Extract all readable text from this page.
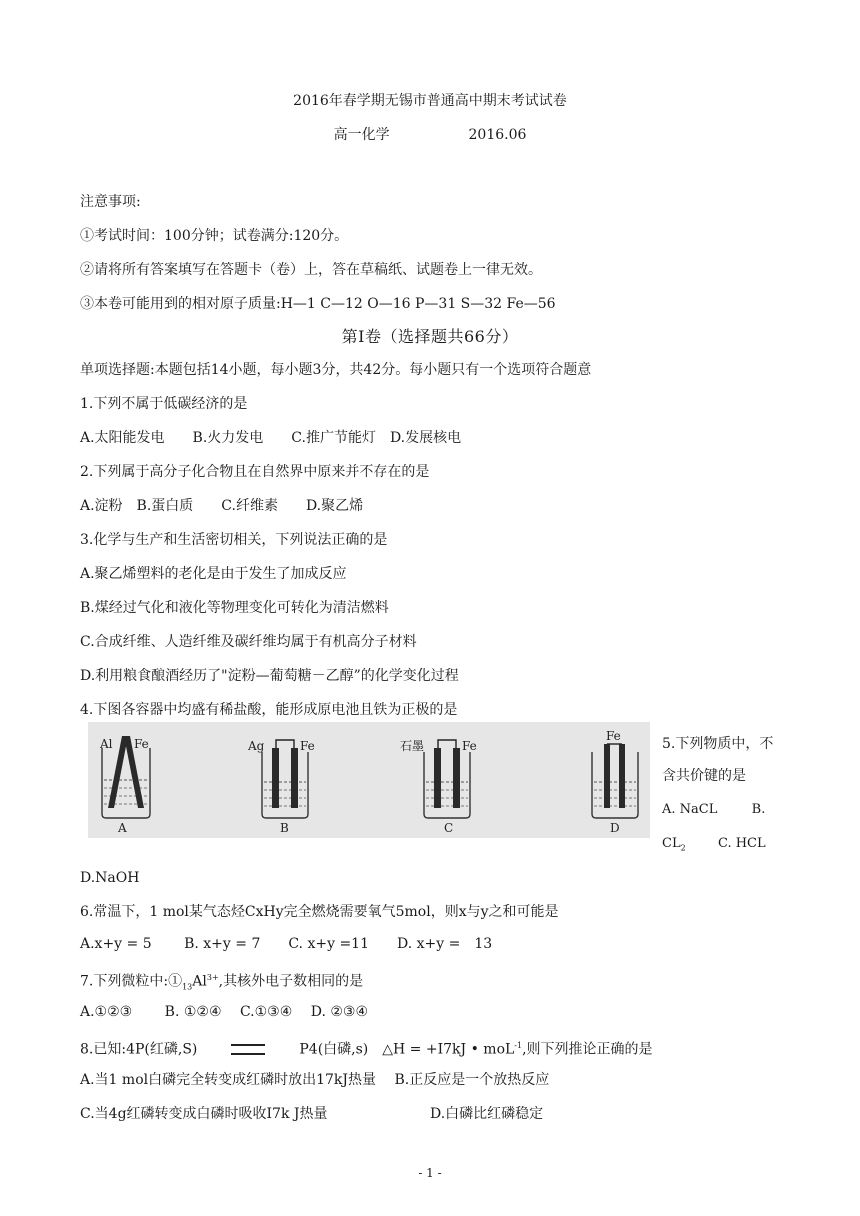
2016年春学期无锡市普通高中期末考试试卷
高一化学	2016.06
注意事项:
①考试时间：100分钟；试卷满分:120分。
②请将所有答案填写在答题卡（卷）上，答在草稿纸、试题卷上一律无效。
③本卷可能用到的相对原子质量:H—1 C—12 O—16 P—31 S—32 Fe—56
第Ⅰ卷（选择题共66分）
单项选择题:本题包括14小题，每小题3分，共42分。每小题只有一个选项符合题意
1.下列不属于低碳经济的是
A.太阳能发电　　B.火力发电　　C.推广节能灯　D.发展核电
2.下列属于高分子化合物且在自然界中原来并不存在的是
A.淀粉　B.蛋白质　　C.纤维素　　D.聚乙烯
3.化学与生产和生活密切相关，下列说法正确的是
A.聚乙烯塑料的老化是由于发生了加成反应
B.煤经过气化和液化等物理变化可转化为清洁燃料
C.合成纤维、人造纤维及碳纤维均属于有机高分子材料
D.利用粮食酿酒经历了"淀粉—葡萄糖－乙醇”的化学变化过程
4.下图各容器中均盛有稀盐酸，能形成原电池且铁为正极的是
Al Fe
A
Ag	Fe
B
石墨	Fe
C
Fe
D
5.下列物质中，不
含共价键的是
A. NaCL	B.
$CL_2$ C. HCL
D.NaOH
6.常温下，1 mol某气态烃CxHy完全燃烧需要氧气5mol，则x与y之和可能是
A.x+y = 5　　 B. x+y = 7　　C. x+y =11　　D. x+y =　13
7.下列微粒中$:①_{13}Al^{3+}$,其核外电子数相同的是
A.①②③　　 B. ①②④　 C.①③④　 D. ②③④
8.已知:4P(红磷,S)	P4(白磷,s)　△H = +I7kJ • moL$^{-1}$,则下列推论正确的是
A.当1 mol白磷完全转变成红磷时放出17kJ热量　 B.正反应是一个放热反应
C.当4g红磷转变成白磷时吸收I7k J热量	D.白磷比红磷稳定
- 1 -
